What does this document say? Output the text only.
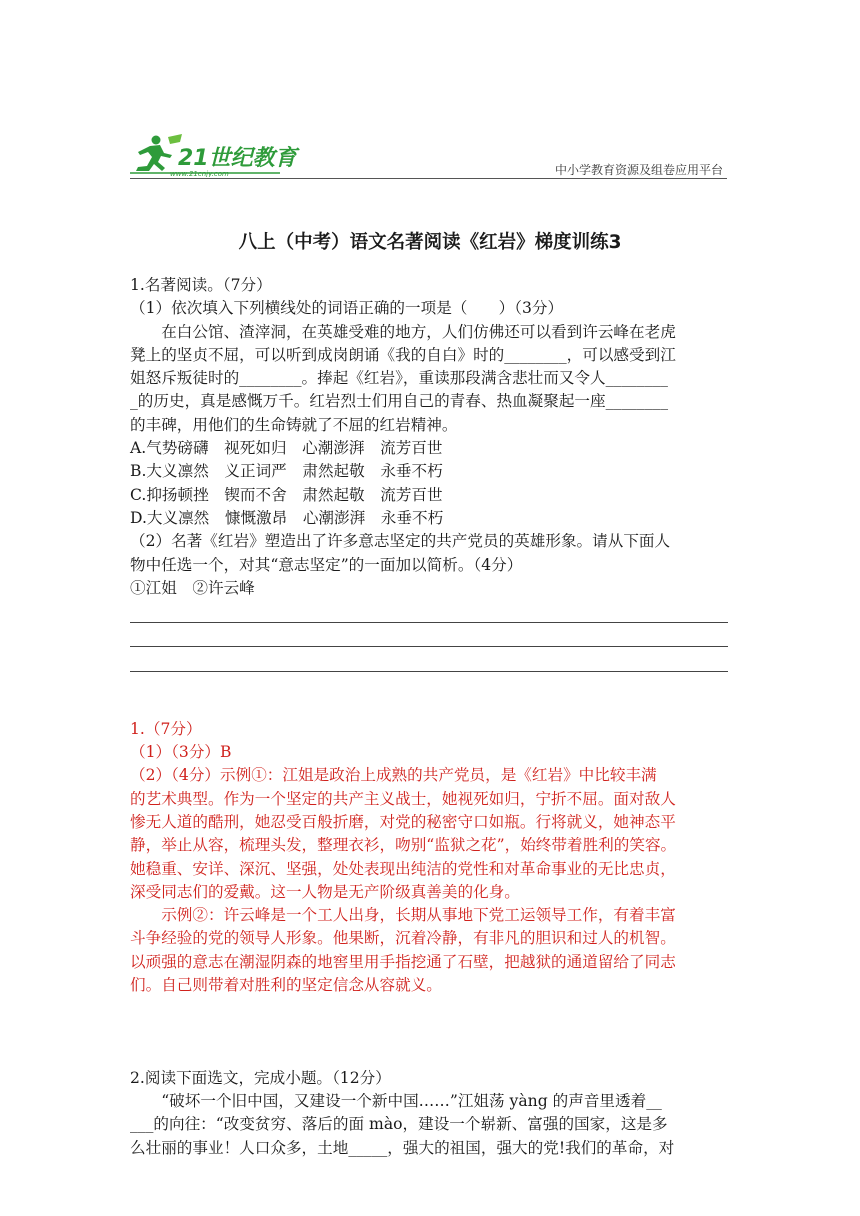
21世纪教育
www.21cnjy.com	中小学教育资源及组卷应用平台
八上（中考）语文名著阅读《红岩》梯度训练3

1.名著阅读。（7分）

（1）依次填入下列横线处的词语正确的一项是（　　）（3分）

在白公馆、渣滓洞，在英雄受难的地方，人们仿佛还可以看到许云峰在老虎

凳上的坚贞不屈，可以听到成岗朗诵《我的自白》时的________，可以感受到江

姐怒斥叛徒时的________。捧起《红岩》，重读那段满含悲壮而又令人________

_的历史，真是感慨万千。红岩烈士们用自己的青春、热血凝聚起一座________

的丰碑，用他们的生命铸就了不屈的红岩精神。

A.气势磅礴　视死如归　心潮澎湃　流芳百世

B.大义凛然　义正词严　肃然起敬　永垂不朽

C.抑扬顿挫　锲而不舍　肃然起敬　流芳百世

D.大义凛然　慷慨激昂　心潮澎湃　永垂不朽

（2）名著《红岩》塑造出了许多意志坚定的共产党员的英雄形象。请从下面人

物中任选一个，对其“意志坚定”的一面加以简析。（4分）

①江姐　②许云峰

1.（7分）

（1）（3分）B

（2）（4分）示例①：江姐是政治上成熟的共产党员，是《红岩》中比较丰满

的艺术典型。作为一个坚定的共产主义战士，她视死如归，宁折不屈。面对敌人

惨无人道的酷刑，她忍受百般折磨，对党的秘密守口如瓶。行将就义，她神态平

静，举止从容，梳理头发，整理衣衫，吻别“监狱之花”，始终带着胜利的笑容。

她稳重、安详、深沉、坚强，处处表现出纯洁的党性和对革命事业的无比忠贞，

深受同志们的爱戴。这一人物是无产阶级真善美的化身。

示例②：许云峰是一个工人出身，长期从事地下党工运领导工作，有着丰富

斗争经验的党的领导人形象。他果断，沉着冷静，有非凡的胆识和过人的机智。

以顽强的意志在潮湿阴森的地窖里用手指挖通了石壁，把越狱的通道留给了同志

们。自己则带着对胜利的坚定信念从容就义。

2.阅读下面选文，完成小题。（12分）

“破坏一个旧中国，又建设一个新中国……”江姐荡 yàng 的声音里透着__

___的向往：“改变贫穷、落后的面 mào，建设一个崭新、富强的国家，这是多

么壮丽的事业！人口众多，土地_____，强大的祖国，强大的党!我们的革命，对
